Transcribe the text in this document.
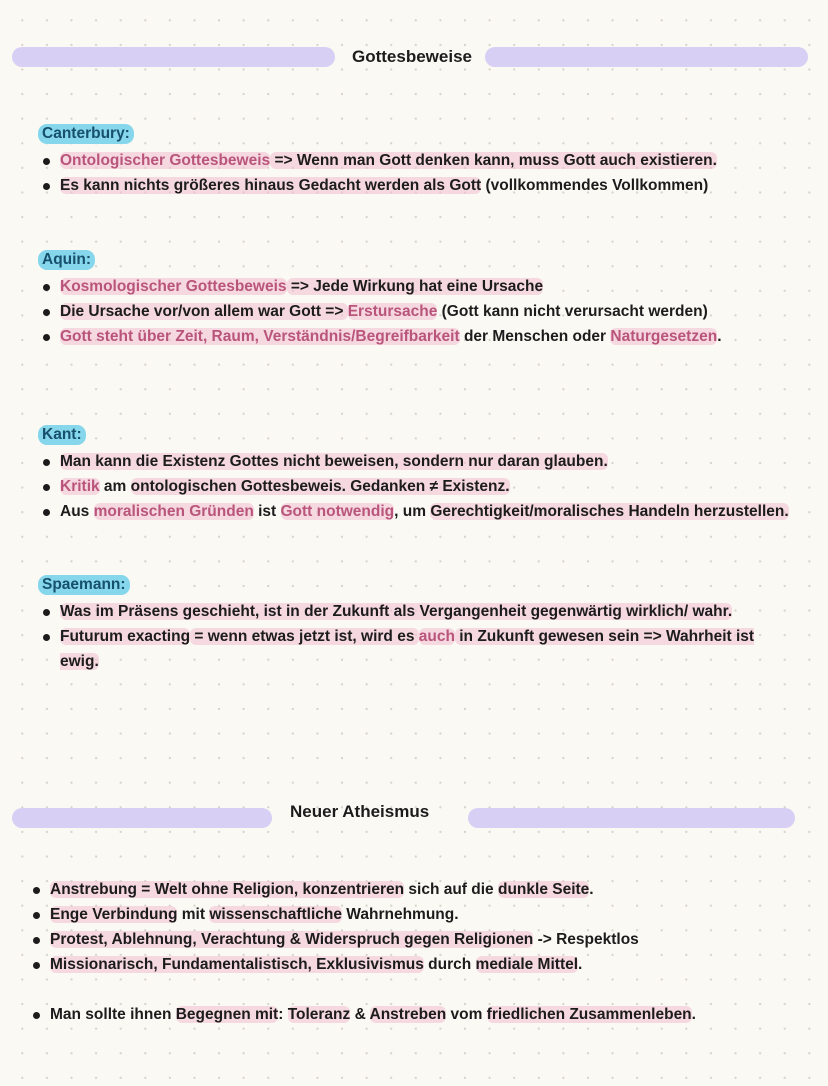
Gottesbeweise
Canterbury:
Ontologischer Gottesbeweis => Wenn man Gott denken kann, muss Gott auch existieren.
Es kann nichts größeres hinaus Gedacht werden als Gott (vollkommendes Vollkommen)
Aquin:
Kosmologischer Gottesbeweis => Jede Wirkung hat eine Ursache
Die Ursache vor/von allem war Gott => Erstursache (Gott kann nicht verursacht werden)
Gott steht über Zeit, Raum, Verständnis/Begreifbarkeit der Menschen oder Naturgesetzen.
Kant:
Man kann die Existenz Gottes nicht beweisen, sondern nur daran glauben.
Kritik am ontologischen Gottesbeweis. Gedanken ≠ Existenz.
Aus moralischen Gründen ist Gott notwendig, um Gerechtigkeit/moralisches Handeln herzustellen.
Spaemann:
Was im Präsens geschieht, ist in der Zukunft als Vergangenheit gegenwärtig wirklich/ wahr.
Futurum exacting = wenn etwas jetzt ist, wird es auch in Zukunft gewesen sein => Wahrheit ist ewig.
Neuer Atheismus
Anstrebung = Welt ohne Religion, konzentrieren sich auf die dunkle Seite.
Enge Verbindung mit wissenschaftliche Wahrnehmung.
Protest, Ablehnung, Verachtung & Widerspruch gegen Religionen -> Respektlos
Missionarisch, Fundamentalistisch, Exklusivismus durch mediale Mittel.
Man sollte ihnen Begegnen mit: Toleranz & Anstreben vom friedlichen Zusammenleben.
